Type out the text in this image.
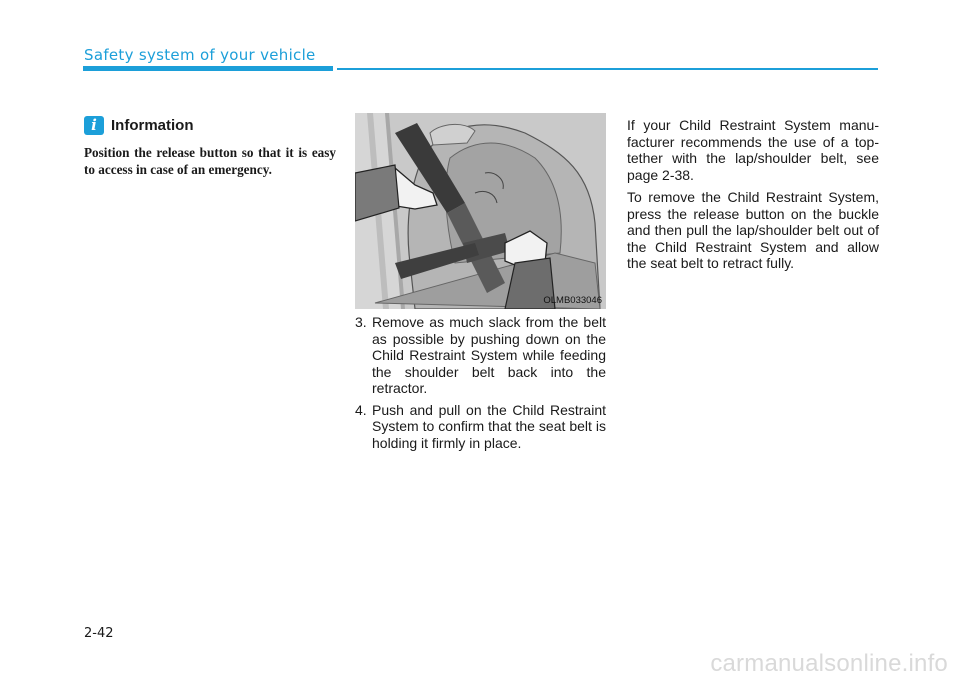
Safety system of your vehicle
i Information
Position the release button so that it is easy to access in case of an emergency.
OLMB033046
3. Remove as much slack from the belt as possible by pushing down on the Child Restraint System while feeding the shoulder belt back into the retractor.
4. Push and pull on the Child Restraint System to confirm that the seat belt is holding it firmly in place.

If your Child Restraint System manu-facturer recommends the use of a top-tether with the lap/shoulder belt, see page 2-38.

To remove the Child Restraint System, press the release button on the buckle and then pull the lap/shoulder belt out of the Child Restraint System and allow the seat belt to retract fully.

2-42
carmanualsonline.info
